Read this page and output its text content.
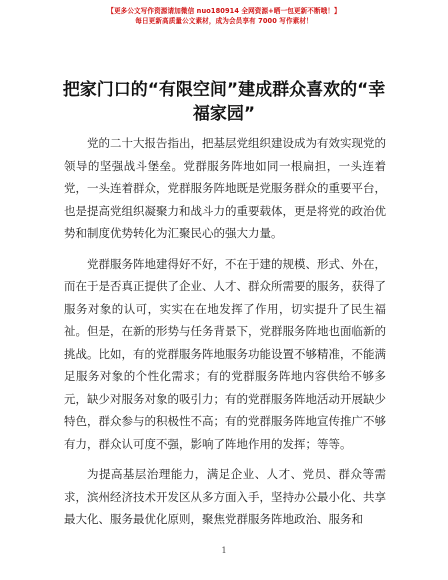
【更多公文写作资源请加微信 nuo180914 全网资源+晒一包更新不断哦！】
每日更新高质量公文素材，成为会员享有 7000 写作素材！
把家门口的“有限空间”建成群众喜欢的“幸福家园”

党的二十大报告指出，把基层党组织建设成为有效实现党的领导的坚强战斗堡垒。党群服务阵地如同一根扁担，一头连着党，一头连着群众，党群服务阵地既是党服务群众的重要平台，也是提高党组织凝聚力和战斗力的重要载体，更是将党的政治优势和制度优势转化为汇聚民心的强大力量。

党群服务阵地建得好不好，不在于建的规模、形式、外在，而在于是否真正提供了企业、人才、群众所需要的服务，获得了服务对象的认可，实实在在地发挥了作用，切实提升了民生福祉。但是，在新的形势与任务背景下，党群服务阵地也面临新的挑战。比如，有的党群服务阵地服务功能设置不够精准，不能满足服务对象的个性化需求；有的党群服务阵地内容供给不够多元，缺少对服务对象的吸引力；有的党群服务阵地活动开展缺少特色，群众参与的积极性不高；有的党群服务阵地宣传推广不够有力，群众认可度不强，影响了阵地作用的发挥；等等。

为提高基层治理能力，满足企业、人才、党员、群众等需求，滨州经济技术开发区从多方面入手，坚持办公最小化、共享最大化、服务最优化原则，聚焦党群服务阵地政治、服务和

1
